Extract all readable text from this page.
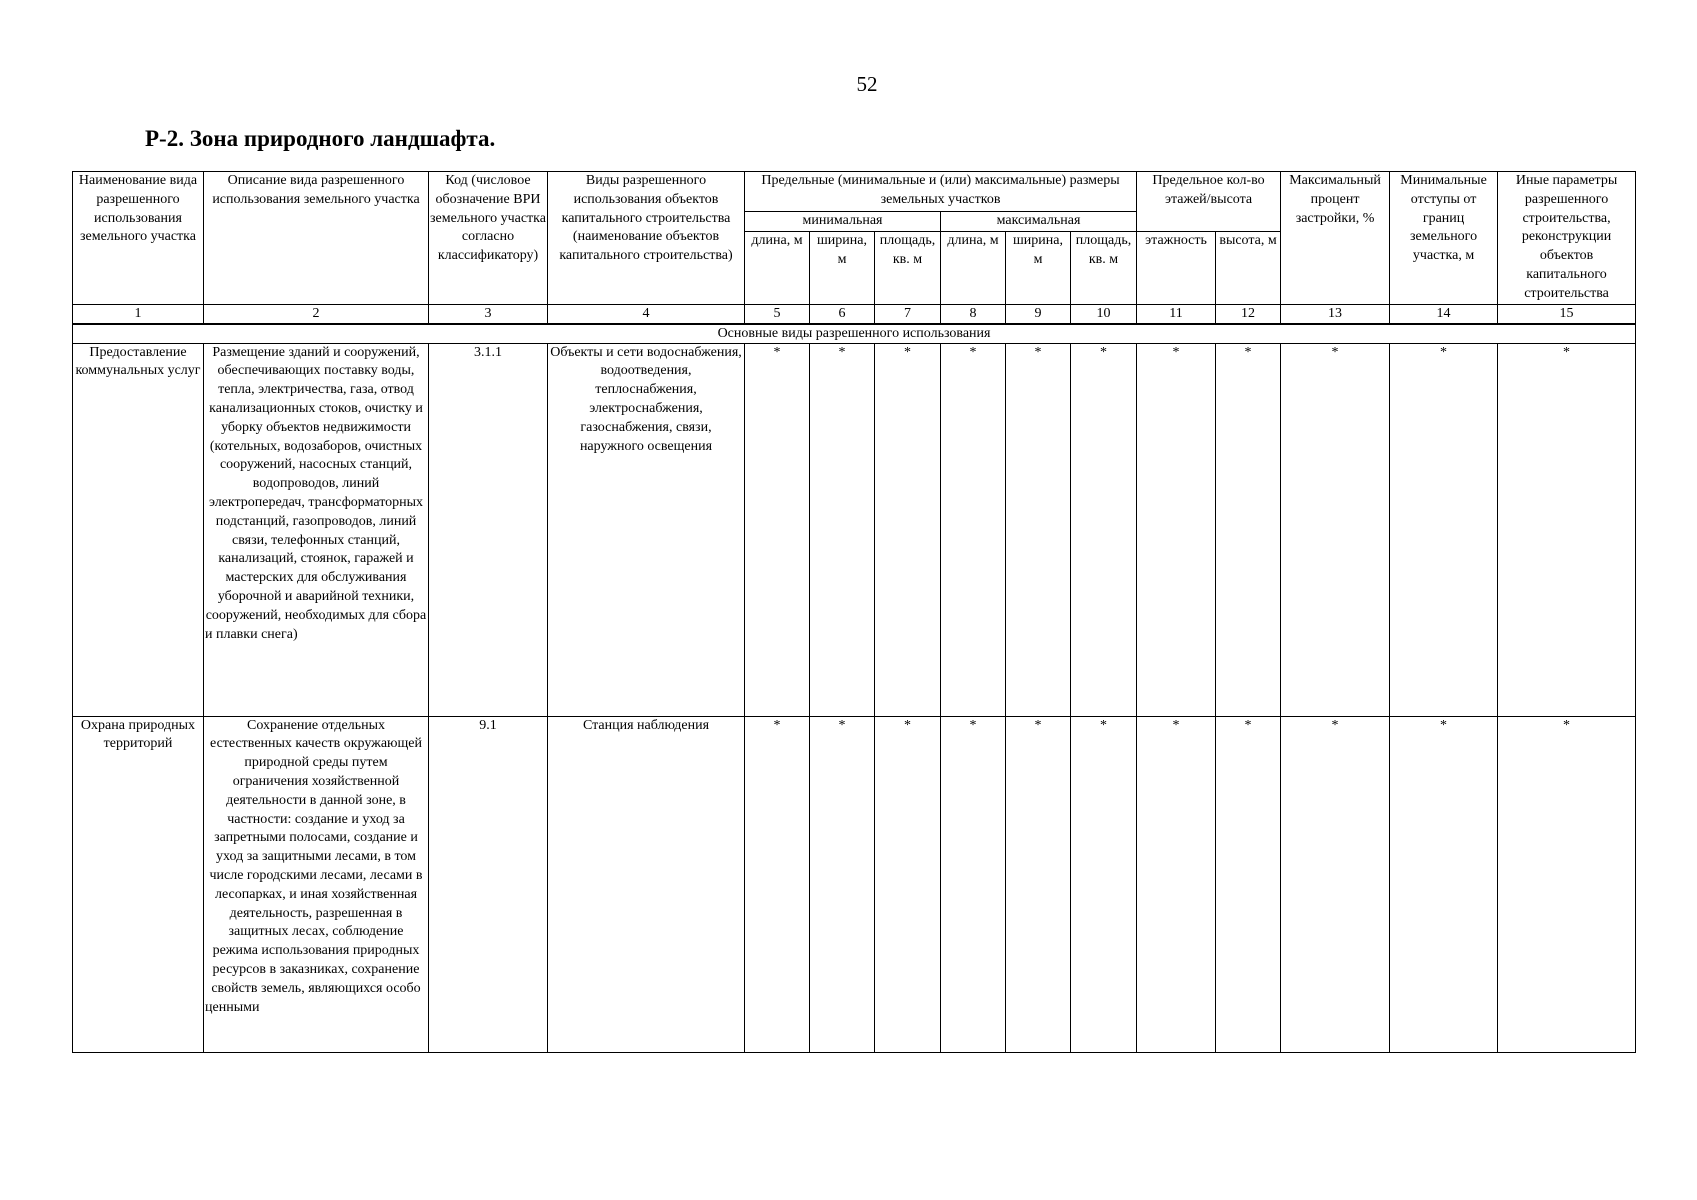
52
Р-2. Зона природного ландшафта.
Наименование вида разрешенного использования земельного участка	Описание вида разрешенного использования земельного участка	Код (числовое обозначение ВРИ земельного участка согласно классификатору)	Виды разрешенного использования объектов капитального строительства (наименование объектов капитального строительства)	Предельные (минимальные и (или) максимальные) размеры земельных участков						Предельное кол-во этажей/высота		Максимальный процент застройки, %	Минимальные отступы от границ земельного участка, м	Иные параметры разрешенного строительства, реконструкции объектов капитального строительства

				минимальная			максимальная							
				длина, м	ширина, м	площадь, кв. м	длина, м	ширина, м	площадь, кв. м	этажность	высота, м			
1	2	3	4	5	6	7	8	9	10	11	12	13	14	15
Основные виды разрешенного использования														
Предоставление коммунальных услуг	Размещение зданий и сооружений, обеспечивающих поставку воды, тепла, электричества, газа, отвод канализационных стоков, очистку и уборку объектов недвижимости (котельных, водозаборов, очистных сооружений, насосных станций, водопроводов, линий электропередач, трансформаторных подстанций, газопроводов, линий связи, телефонных станций, канализаций, стоянок, гаражей и мастерских для обслуживания уборочной и аварийной техники, сооружений, необходимых для сбора и плавки снега)	3.1.1	Объекты и сети водоснабжения, водоотведения, теплоснабжения, электроснабжения, газоснабжения, связи, наружного освещения	*	*	*	*	*	*	*	*	*	*	*
Охрана природных территорий	Сохранение отдельных естественных качеств окружающей природной среды путем ограничения хозяйственной деятельности в данной зоне, в частности: создание и уход за запретными полосами, создание и уход за защитными лесами, в том числе городскими лесами, лесами в лесопарках, и иная хозяйственная деятельность, разрешенная в защитных лесах, соблюдение режима использования природных ресурсов в заказниках, сохранение свойств земель, являющихся особо ценными	9.1	Станция наблюдения	*	*	*	*	*	*	*	*	*	*	*
